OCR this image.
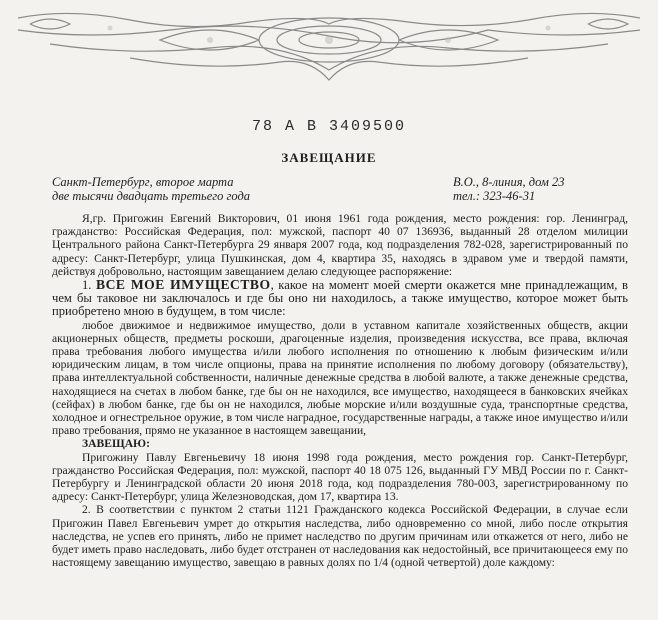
78 А В 3409500
ЗАВЕЩАНИЕ
Санкт-Петербург, второе марта
две тысячи двадцать третьего года
В.О., 8-линия, дом 23
тел.: 323-46-31

Я,гр. Пригожин Евгений Викторович, 01 июня 1961 года рождения, место рождения: гор. Ленинград, гражданство: Российская Федерация, пол: мужской, паспорт 40 07 136936, выданный 28 отделом милиции Центрального района Санкт-Петербурга 29 января 2007 года, код подразделения 782-028, зарегистрированный по адресу: Санкт-Петербург, улица Пушкинская, дом 4, квартира 35, находясь в здравом уме и твердой памяти, действуя добровольно, настоящим завещанием делаю следующее распоряжение:

1. ВСЕ МОЕ ИМУЩЕСТВО, какое на момент моей смерти окажется мне принадлежащим, в чем бы таковое ни заключалось и где бы оно ни находилось, а также имущество, которое может быть приобретено мною в будущем, в том числе:

любое движимое и недвижимое имущество, доли в уставном капитале хозяйственных обществ, акции акционерных обществ, предметы роскоши, драгоценные изделия, произведения искусства, все права, включая права требования любого имущества и/или любого исполнения по отношению к любым физическим и/или юридическим лицам, в том числе опционы, права на принятие исполнения по любому договору (обязательству), права интеллектуальной собственности, наличные денежные средства в любой валюте, а также денежные средства, находящиеся на счетах в любом банке, где бы он не находился, все имущество, находящееся в банковских ячейках (сейфах) в любом банке, где бы он не находился, любые морские и/или воздушные суда, транспортные средства, холодное и огнестрельное оружие, в том числе наградное, государственные награды, а также иное имущество и/или право требования, прямо не указанное в настоящем завещании,

ЗАВЕЩАЮ:

Пригожину Павлу Евгеньевичу 18 июня 1998 года рождения, место рождения гор. Санкт-Петербург, гражданство Российская Федерация, пол: мужской, паспорт 40 18 075 126, выданный ГУ МВД России по г. Санкт-Петербургу и Ленинградской области 20 июня 2018 года, код подразделения 780-003, зарегистрированному по адресу: Санкт-Петербург, улица Железноводская, дом 17, квартира 13.

2. В соответствии с пунктом 2 статьи 1121 Гражданского кодекса Российской Федерации, в случае если Пригожин Павел Евгеньевич умрет до открытия наследства, либо одновременно со мной, либо после открытия наследства, не успев его принять, либо не примет наследство по другим причинам или откажется от него, либо не будет иметь право наследовать, либо будет отстранен от наследования как недостойный, все причитающееся ему по настоящему завещанию имущество, завещаю в равных долях по 1/4 (одной четвертой) доле каждому:
